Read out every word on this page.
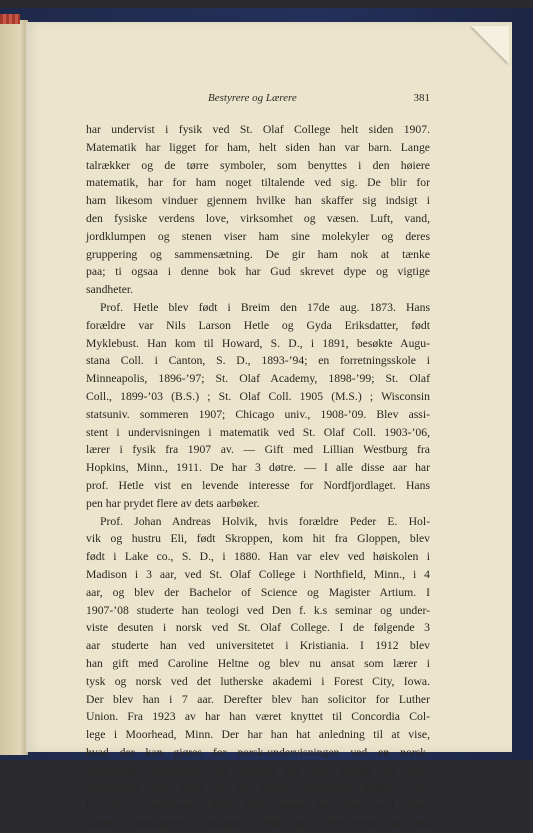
Bestyrere og Lærere	381
har undervist i fysik ved St. Olaf College helt siden 1907.
Matematik har ligget for ham, helt siden han var barn. Lange
talrækker og de tørre symboler, som benyttes i den høiere
matematik, har for ham noget tiltalende ved sig. De blir for
ham likesom vinduer gjennem hvilke han skaffer sig indsigt i
den fysiske verdens love, virksomhet og væsen. Luft, vand,
jordklumpen og stenen viser ham sine molekyler og deres
gruppering og sammensætning. De gir ham nok at tænke
paa; ti ogsaa i denne bok har Gud skrevet dype og vigtige
sandheter.
Prof. Hetle blev født i Breim den 17de aug. 1873. Hans
forældre var Nils Larson Hetle og Gyda Eriksdatter, født
Myklebust. Han kom til Howard, S. D., i 1891, besøkte Augu-
stana Coll. i Canton, S. D., 1893-’94; en forretningsskole i
Minneapolis, 1896-’97; St. Olaf Academy, 1898-’99; St. Olaf
Coll., 1899-’03 (B.S.) ; St. Olaf Coll. 1905 (M.S.) ; Wisconsin
statsuniv. sommeren 1907; Chicago univ., 1908-’09. Blev assi-
stent i undervisningen i matematik ved St. Olaf Coll. 1903-’06,
lærer i fysik fra 1907 av. — Gift med Lillian Westburg fra
Hopkins, Minn., 1911. De har 3 døtre. — I alle disse aar har
prof. Hetle vist en levende interesse for Nordfjordlaget. Hans
pen har prydet flere av dets aarbøker.
Prof. Johan Andreas Holvik, hvis forældre Peder E. Hol-
vik og hustru Eli, født Skroppen, kom hit fra Gloppen, blev
født i Lake co., S. D., i 1880. Han var elev ved høiskolen i
Madison i 3 aar, ved St. Olaf College i Northfield, Minn., i 4
aar, og blev der Bachelor of Science og Magister Artium. I
1907-’08 studerte han teologi ved Den f. k.s seminar og under-
viste desuten i norsk ved St. Olaf College. I de følgende 3
aar studerte han ved universitetet i Kristiania. I 1912 blev
han gift med Caroline Heltne og blev nu ansat som lærer i
tysk og norsk ved det lutherske akademi i Forest City, Iowa.
Der blev han i 7 aar. Derefter blev han solicitor for Luther
Union. Fra 1923 av har han været knyttet til Concordia Col-
lege i Moorhead, Minn. Der har han hat anledning til at vise,
hvad der kan gjøres for norsk-undervisningen ved en norsk-
amerikansk læreanstalt; og desuten har han indlagt sig store
fortjenester som leder av sin skoles musikalske kræfter, sær-
lig dens musikkorps. Med dette møtte han frem ved “Sør-
landet”s mottagelse i Chicago i 1934, og i 1935 reiste han med
